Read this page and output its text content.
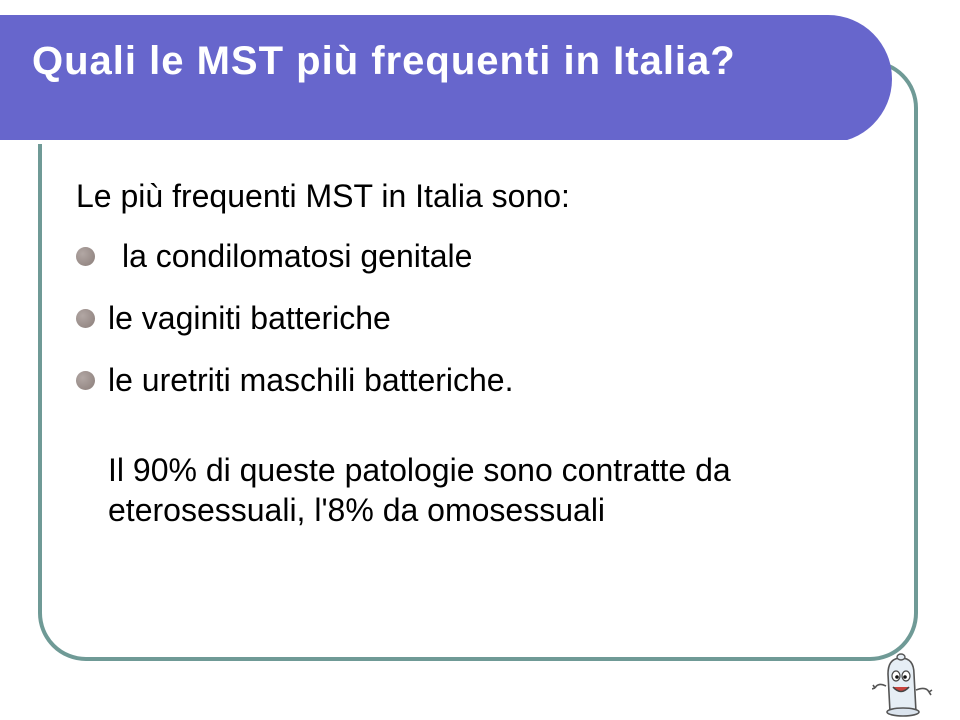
Quali le MST più frequenti in Italia?

Le più frequenti MST in Italia sono:

la condilomatosi genitale
le vaginiti batteriche
le uretriti maschili batteriche.

Il 90% di queste patologie sono contratte da eterosessuali, l'8% da omosessuali
